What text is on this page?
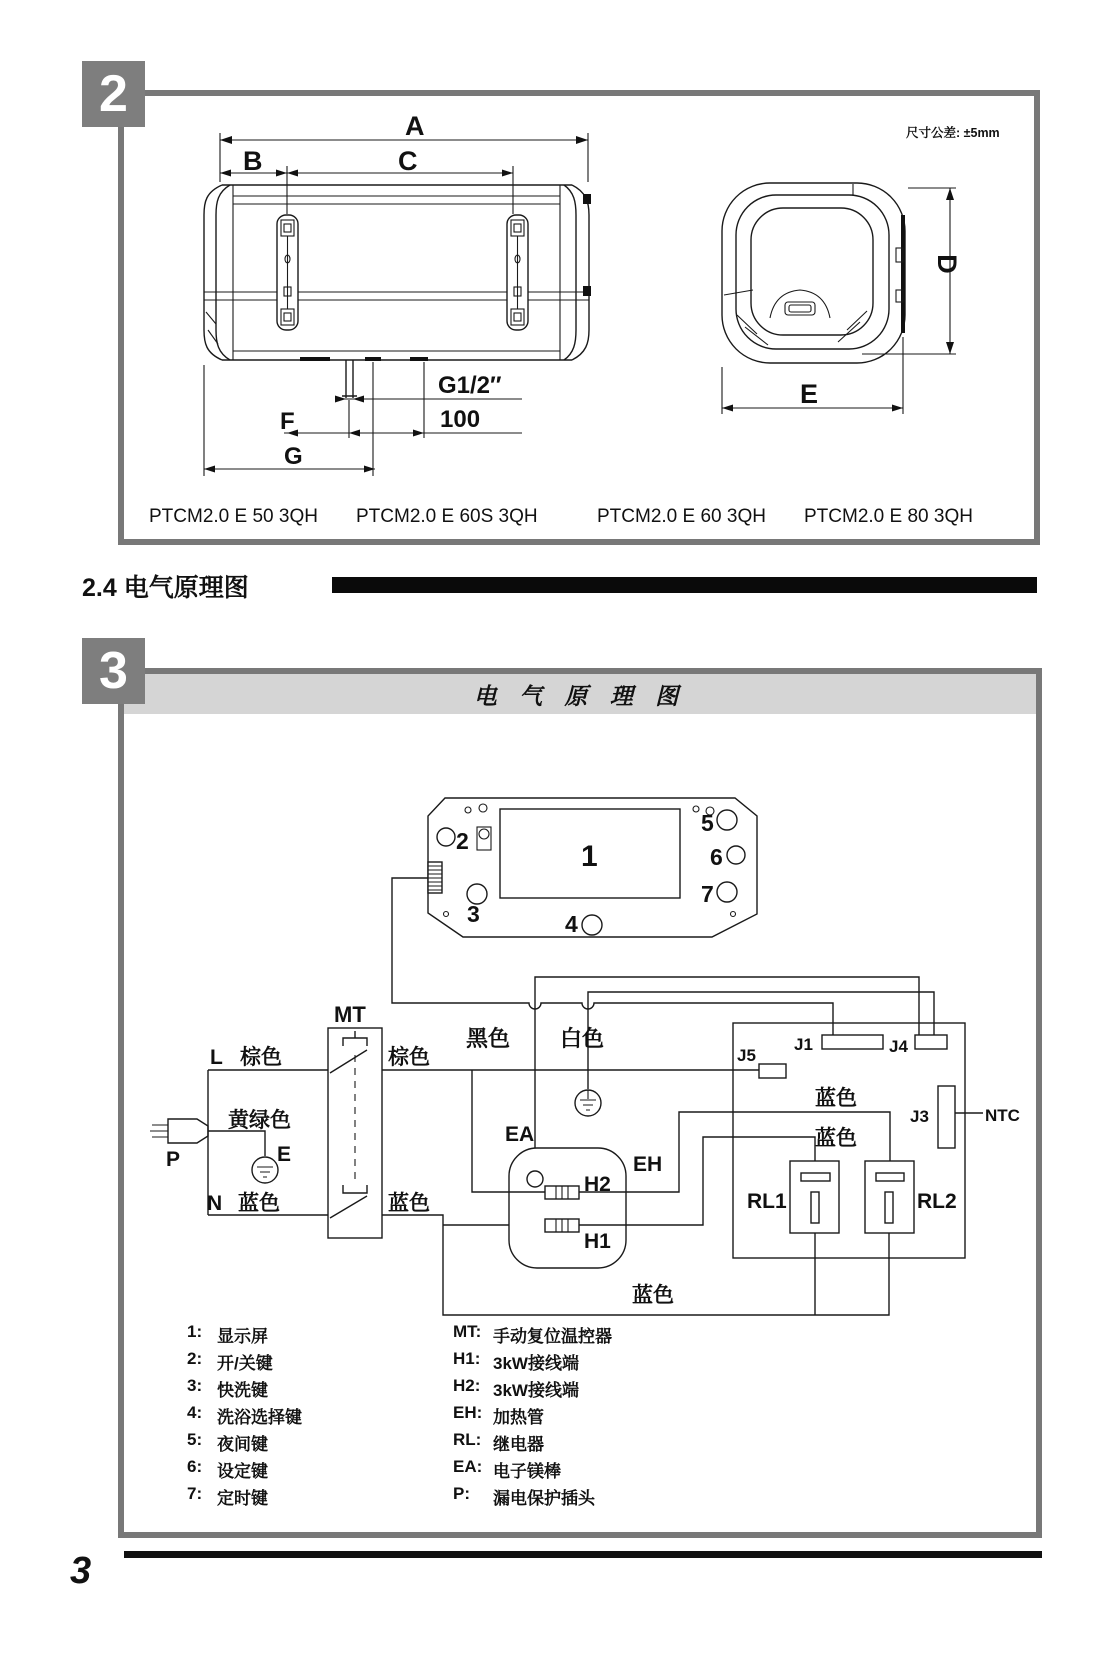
2
尺寸公差: ±5mm
A
B	C
G1/2″
100
F
G
D
E
PTCM2.0 E 50 3QH PTCM2.0 E 60S 3QH	PTCM2.0 E 60 3QH PTCM2.0 E 80 3QH
2.4 电气原理图
3	电 气 原 理 图
1
2
3	4
5
6
7
MT
L 棕色	棕色
黄绿色
E
P
N 蓝色	蓝色
黑色 白色
EA
EH
H2
H1
J1	J4
J5
J3	NTC
RL1	RL2
蓝色
蓝色
蓝色
1: 显示屏
2: 开/关键
3: 快洗键
4: 洗浴选择键
5: 夜间键
6: 设定键
7: 定时键
MT: 手动复位温控器
H1: 3kW接线端
H2: 3kW接线端
EH: 加热管
RL: 继电器
EA: 电子镁棒
P: 漏电保护插头
3
